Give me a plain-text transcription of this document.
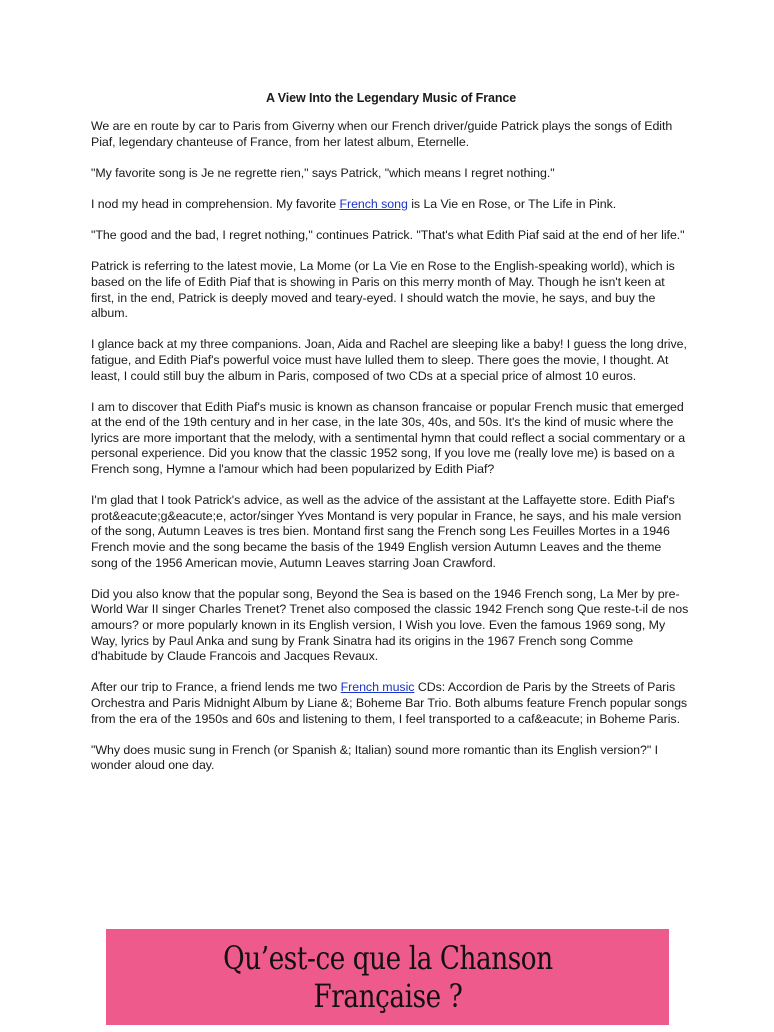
A View Into the Legendary Music of France

We are en route by car to Paris from Giverny when our French driver/guide Patrick plays the songs of Edith Piaf, legendary chanteuse of France, from her latest album, Eternelle.

"My favorite song is Je ne regrette rien," says Patrick, "which means I regret nothing."

I nod my head in comprehension. My favorite French song is La Vie en Rose, or The Life in Pink.

"The good and the bad, I regret nothing," continues Patrick. "That's what Edith Piaf said at the end of her life."

Patrick is referring to the latest movie, La Mome (or La Vie en Rose to the English-speaking world), which is based on the life of Edith Piaf that is showing in Paris on this merry month of May. Though he isn't keen at first, in the end, Patrick is deeply moved and teary-eyed. I should watch the movie, he says, and buy the album.

I glance back at my three companions. Joan, Aida and Rachel are sleeping like a baby! I guess the long drive, fatigue, and Edith Piaf's powerful voice must have lulled them to sleep. There goes the movie, I thought. At least, I could still buy the album in Paris, composed of two CDs at a special price of almost 10 euros.

I am to discover that Edith Piaf's music is known as chanson francaise or popular French music that emerged at the end of the 19th century and in her case, in the late 30s, 40s, and 50s. It's the kind of music where the lyrics are more important that the melody, with a sentimental hymn that could reflect a social commentary or a personal experience. Did you know that the classic 1952 song, If you love me (really love me) is based on a French song, Hymne a l'amour which had been popularized by Edith Piaf?

I'm glad that I took Patrick's advice, as well as the advice of the assistant at the Laffayette store. Edith Piaf's prot&eacute;g&eacute;e, actor/singer Yves Montand is very popular in France, he says, and his male version of the song, Autumn Leaves is tres bien. Montand first sang the French song Les Feuilles Mortes in a 1946 French movie and the song became the basis of the 1949 English version Autumn Leaves and the theme song of the 1956 American movie, Autumn Leaves starring Joan Crawford.

Did you also know that the popular song, Beyond the Sea is based on the 1946 French song, La Mer by pre-World War II singer Charles Trenet? Trenet also composed the classic 1942 French song Que reste-t-il de nos amours? or more popularly known in its English version, I Wish you love. Even the famous 1969 song, My Way, lyrics by Paul Anka and sung by Frank Sinatra had its origins in the 1967 French song Comme d'habitude by Claude Francois and Jacques Revaux.

After our trip to France, a friend lends me two French music CDs: Accordion de Paris by the Streets of Paris Orchestra and Paris Midnight Album by Liane &; Boheme Bar Trio. Both albums feature French popular songs from the era of the 1950s and 60s and listening to them, I feel transported to a caf&eacute; in Boheme Paris.

"Why does music sung in French (or Spanish &; Italian) sound more romantic than its English version?" I wonder aloud one day.

Qu’est-ce que la Chanson
Française ?
